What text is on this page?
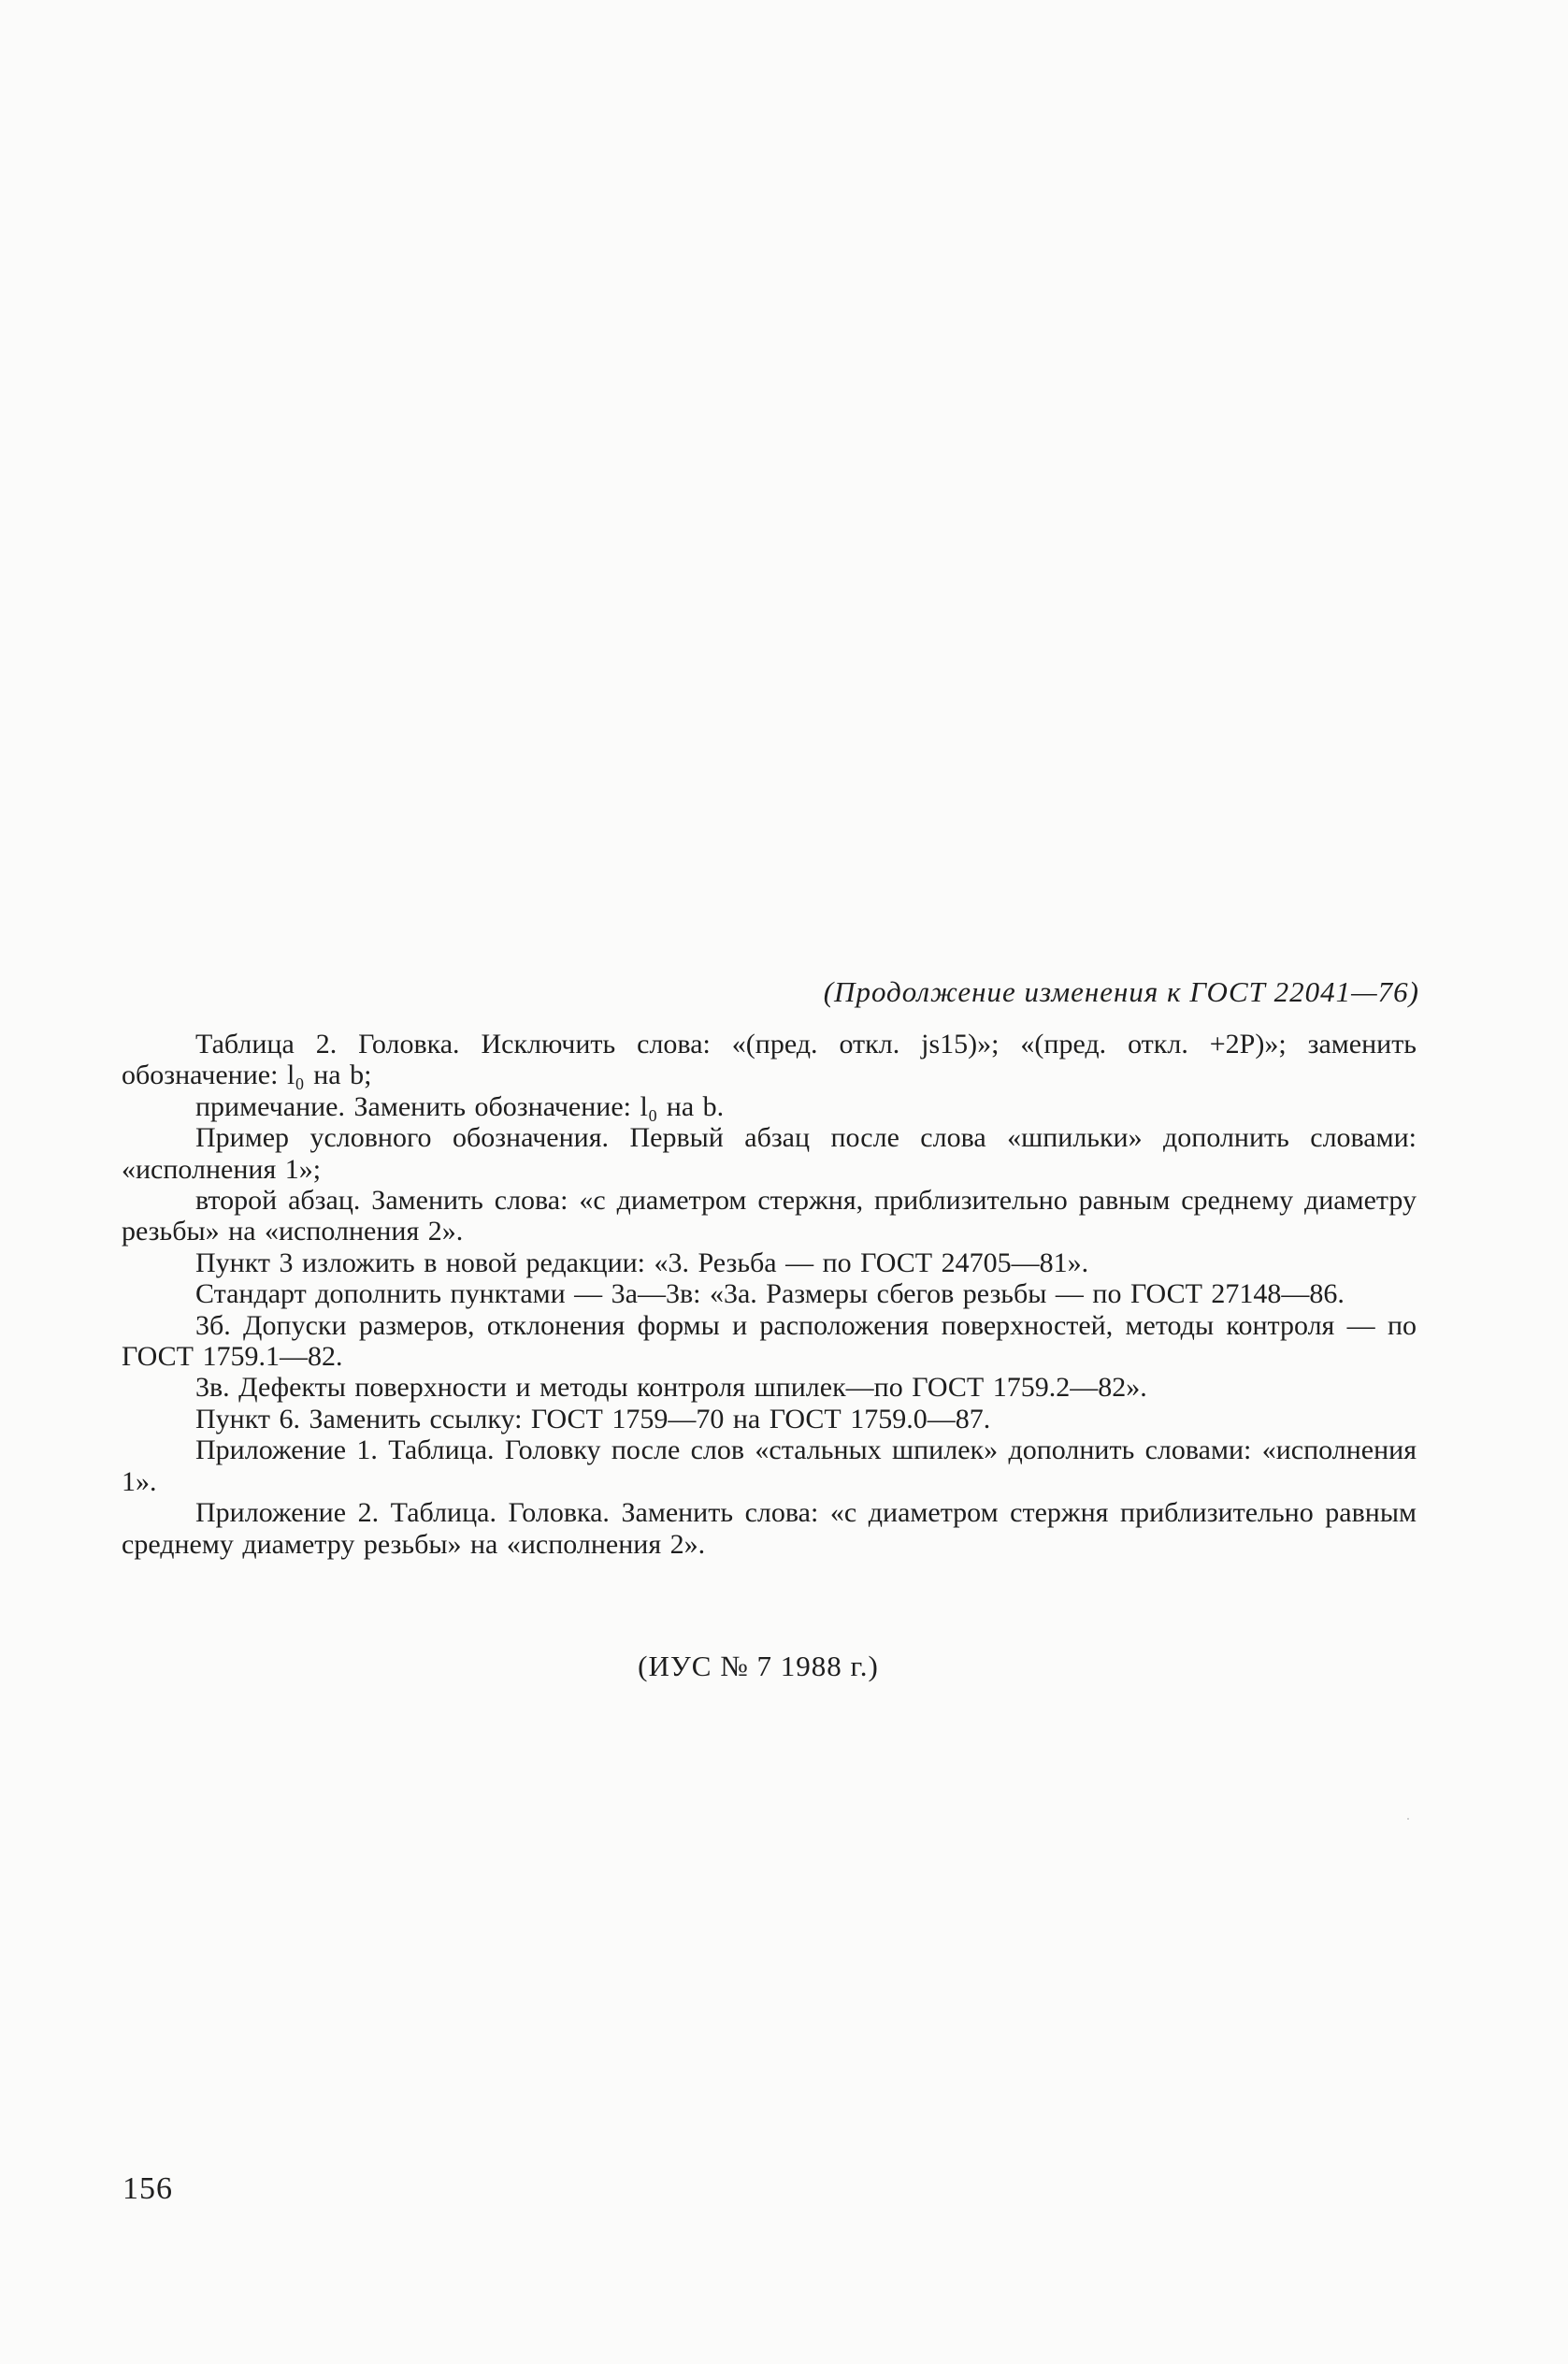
(Продолжение изменения к ГОСТ 22041—76)

Таблица 2. Головка. Исключить слова: «(пред. откл. js15)»; «(пред. откл. +2P)»; заменить обозначение: l₀ на b;

примечание. Заменить обозначение: l₀ на b.

Пример условного обозначения. Первый абзац после слова «шпильки» дополнить словами: «исполнения 1»;

второй абзац. Заменить слова: «с диаметром стержня, приблизительно равным среднему диаметру резьбы» на «исполнения 2».

Пункт 3 изложить в новой редакции: «3. Резьба — по ГОСТ 24705—81».

Стандарт дополнить пунктами — 3а—3в: «3а. Размеры сбегов резьбы — по ГОСТ 27148—86.

3б. Допуски размеров, отклонения формы и расположения поверхностей, методы контроля — по ГОСТ 1759.1—82.

3в. Дефекты поверхности и методы контроля шпилек—по ГОСТ 1759.2—82».

Пункт 6. Заменить ссылку: ГОСТ 1759—70 на ГОСТ 1759.0—87.

Приложение 1. Таблица. Головку после слов «стальных шпилек» дополнить словами: «исполнения 1».

Приложение 2. Таблица. Головка. Заменить слова: «с диаметром стержня приблизительно равным среднему диаметру резьбы» на «исполнения 2».

(ИУС № 7 1988 г.)
156
